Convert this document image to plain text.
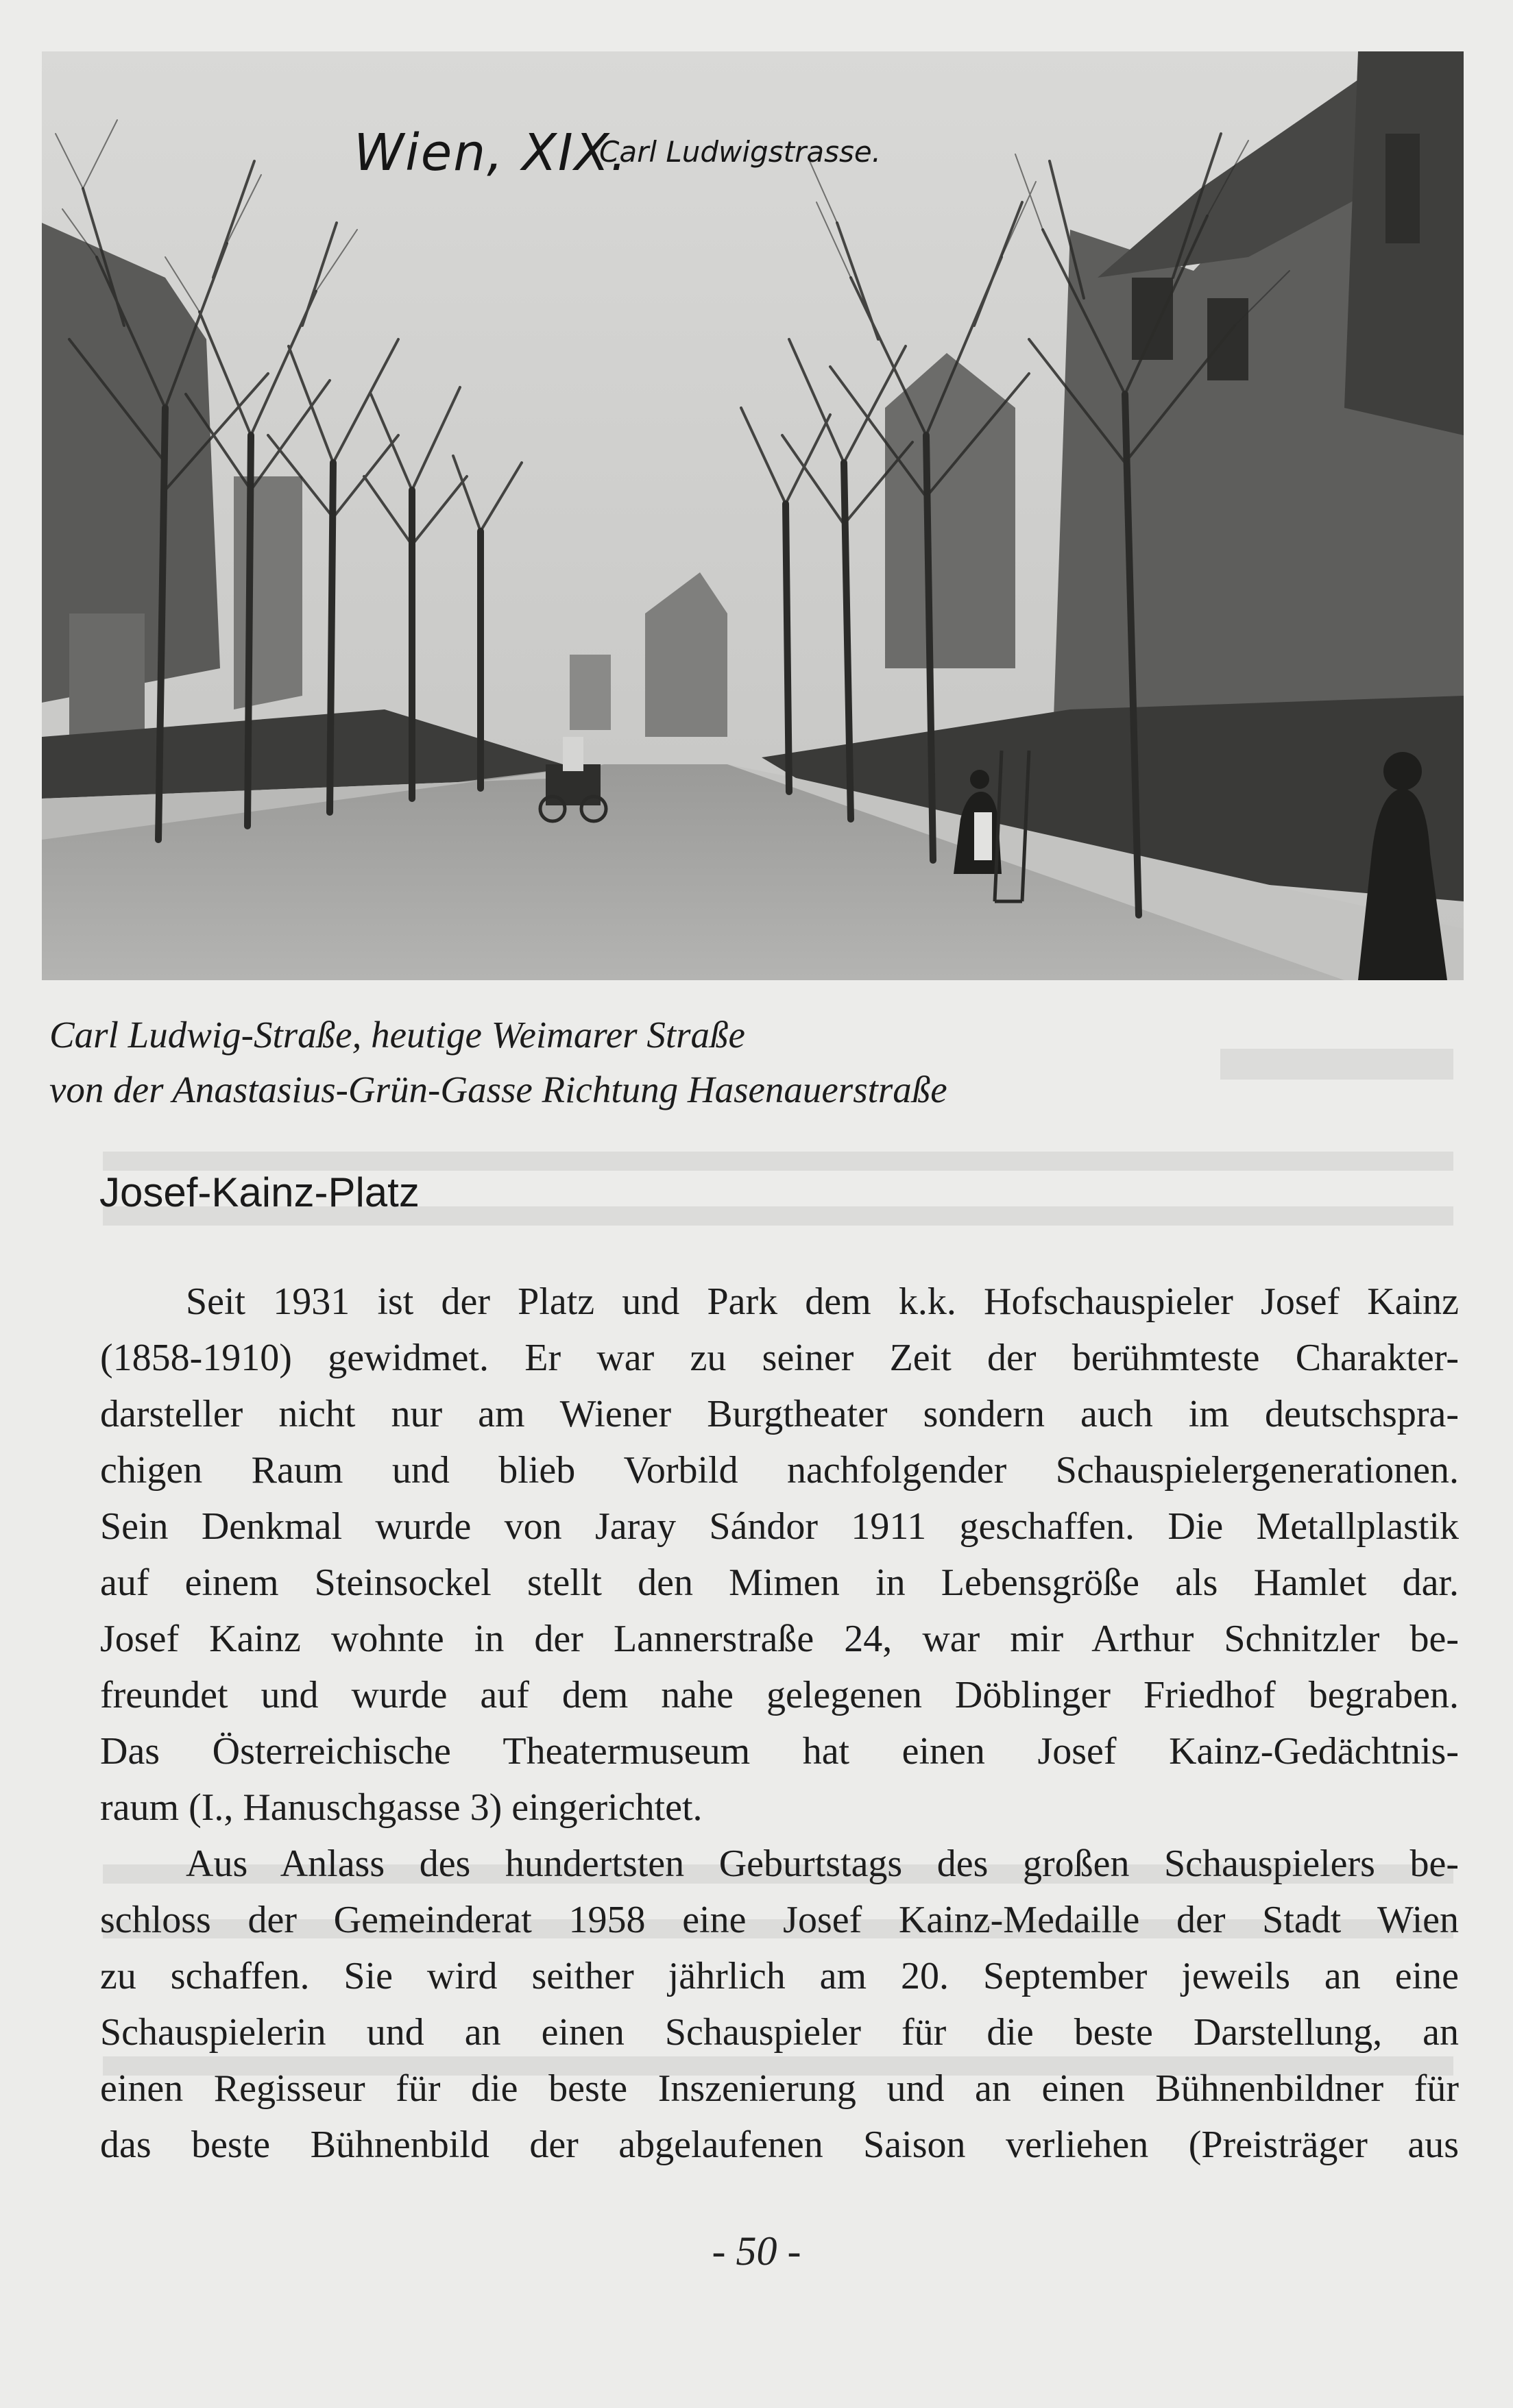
Wien, XIX.
Carl Ludwigstrasse.
Carl Ludwig-Straße, heutige Weimarer Straße
von der Anastasius-Grün-Gasse Richtung Hasenauerstraße
Josef-Kainz-Platz
Seit 1931 ist der Platz und Park dem k.k. Hofschauspieler Josef Kainz
(1858-1910) gewidmet. Er war zu seiner Zeit der berühmteste Charakter-
darsteller nicht nur am Wiener Burgtheater sondern auch im deutschspra-
chigen Raum und blieb Vorbild nachfolgender Schauspielergenerationen.
Sein Denkmal wurde von Jaray Sándor 1911 geschaffen. Die Metallplastik
auf einem Steinsockel stellt den Mimen in Lebensgröße als Hamlet dar.
Josef Kainz wohnte in der Lannerstraße 24, war mir Arthur Schnitzler be-
freundet und wurde auf dem nahe gelegenen Döblinger Friedhof begraben.
Das Österreichische Theatermuseum hat einen Josef Kainz-Gedächtnis-
raum (I., Hanuschgasse 3) eingerichtet.
Aus Anlass des hundertsten Geburtstags des großen Schauspielers be-
schloss der Gemeinderat 1958 eine Josef Kainz-Medaille der Stadt Wien
zu schaffen. Sie wird seither jährlich am 20. September jeweils an eine
Schauspielerin und an einen Schauspieler für die beste Darstellung, an
einen Regisseur für die beste Inszenierung und an einen Bühnenbildner für
das beste Bühnenbild der abgelaufenen Saison verliehen (Preisträger aus
- 50 -
